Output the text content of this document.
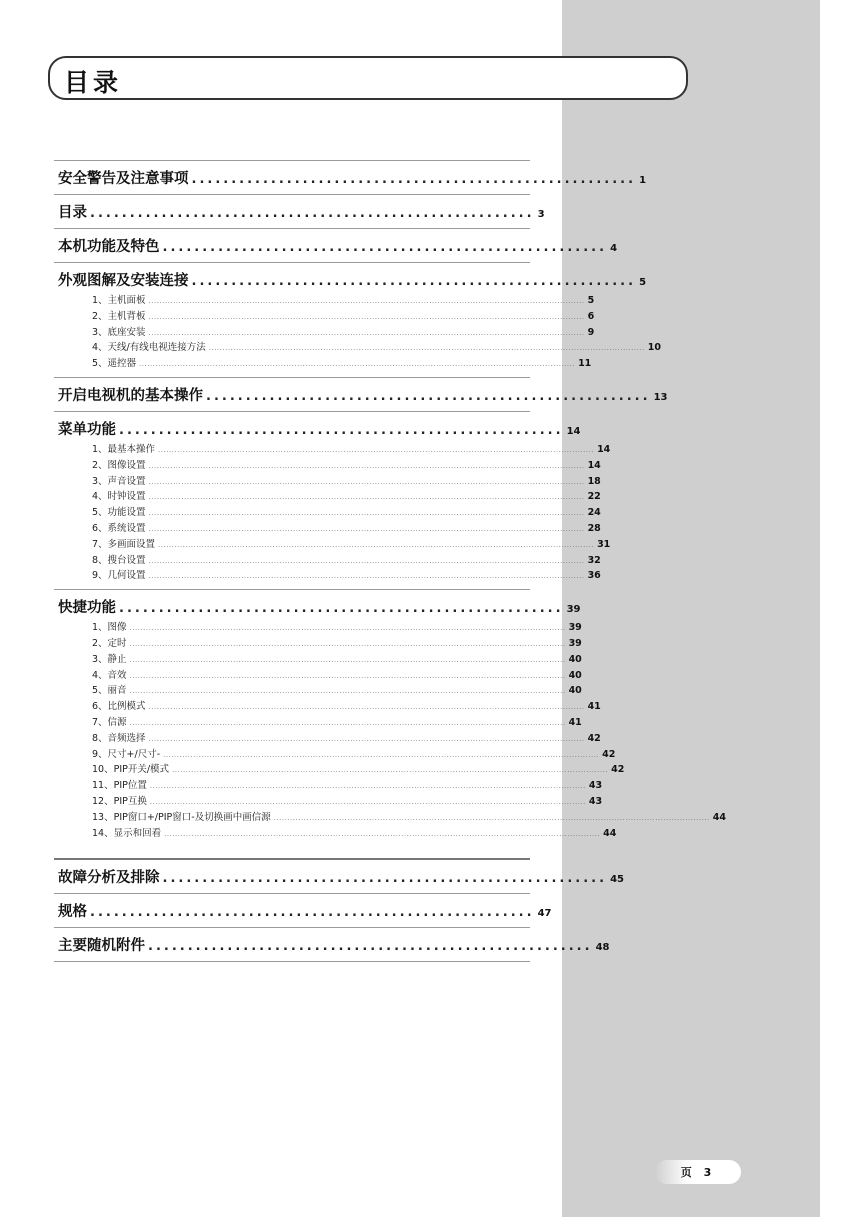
目录
安全警告及注意事项 ........................................................ 1
目录 ........................................................ 3
本机功能及特色 ........................................................ 4
外观图解及安装连接 ........................................................ 5
1、主机面板 ................................................................................................................................................................ 5
2、主机背板 ................................................................................................................................................................ 6
3、底座安装 ................................................................................................................................................................ 9
4、天线/有线电视连接方法 ................................................................................................................................................................ 10
5、遥控器 ................................................................................................................................................................ 11
开启电视机的基本操作 ........................................................ 13
菜单功能 ........................................................ 14
1、最基本操作 ................................................................................................................................................................ 14
2、图像设置 ................................................................................................................................................................ 14
3、声音设置 ................................................................................................................................................................ 18
4、时钟设置 ................................................................................................................................................................ 22
5、功能设置 ................................................................................................................................................................ 24
6、系统设置 ................................................................................................................................................................ 28
7、多画面设置 ................................................................................................................................................................ 31
8、搜台设置 ................................................................................................................................................................ 32
9、几何设置 ................................................................................................................................................................ 36
快捷功能 ........................................................ 39
1、图像 ................................................................................................................................................................ 39
2、定时 ................................................................................................................................................................ 39
3、静止 ................................................................................................................................................................ 40
4、音效 ................................................................................................................................................................ 40
5、丽音 ................................................................................................................................................................ 40
6、比例模式 ................................................................................................................................................................ 41
7、信源 ................................................................................................................................................................ 41
8、音频选择 ................................................................................................................................................................ 42
9、尺寸+/尺寸- ................................................................................................................................................................ 42
10、PIP开关/模式 ................................................................................................................................................................ 42
11、PIP位置 ................................................................................................................................................................ 43
12、PIP互换 ................................................................................................................................................................ 43
13、PIP窗口+/PIP窗口-及切换画中画信源 ................................................................................................................................................................ 44
14、显示和回看 ................................................................................................................................................................ 44
故障分析及排除 ........................................................ 45
规格 ........................................................ 47
主要随机附件 ........................................................ 48
页 3
